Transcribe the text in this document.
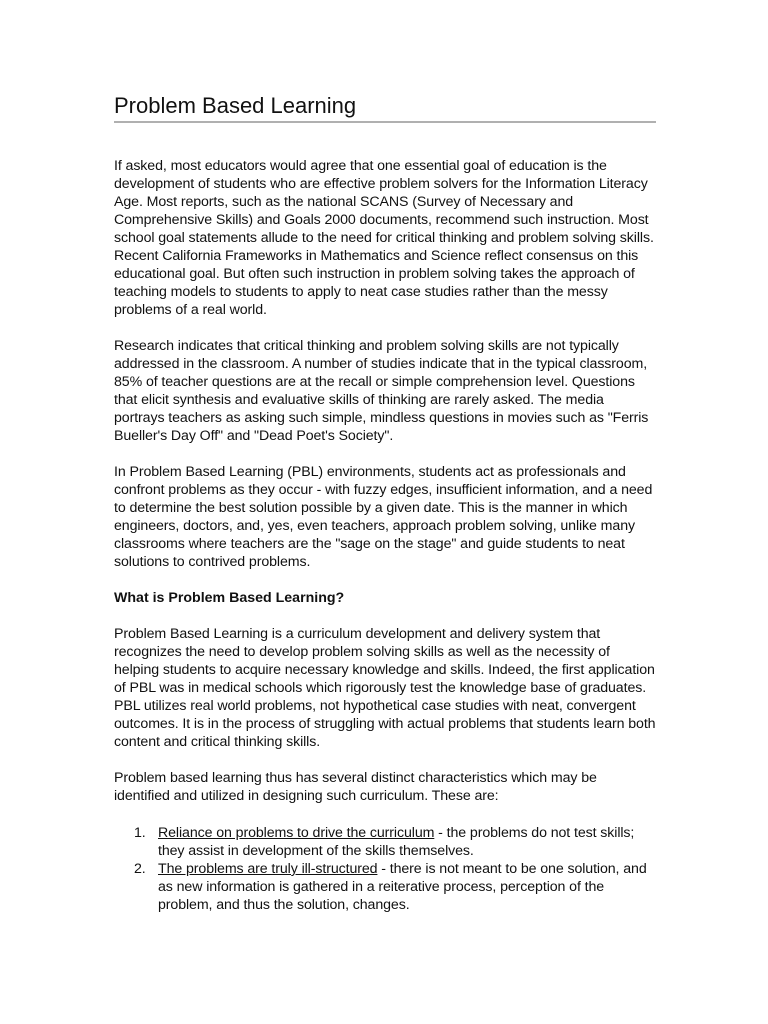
Problem Based Learning

If asked, most educators would agree that one essential goal of education is the development of students who are effective problem solvers for the Information Literacy Age. Most reports, such as the national SCANS (Survey of Necessary and Comprehensive Skills) and Goals 2000 documents, recommend such instruction. Most school goal statements allude to the need for critical thinking and problem solving skills. Recent California Frameworks in Mathematics and Science reflect consensus on this educational goal. But often such instruction in problem solving takes the approach of teaching models to students to apply to neat case studies rather than the messy problems of a real world.

Research indicates that critical thinking and problem solving skills are not typically addressed in the classroom. A number of studies indicate that in the typical classroom, 85% of teacher questions are at the recall or simple comprehension level. Questions that elicit synthesis and evaluative skills of thinking are rarely asked. The media portrays teachers as asking such simple, mindless questions in movies such as "Ferris Bueller's Day Off" and "Dead Poet's Society".

In Problem Based Learning (PBL) environments, students act as professionals and confront problems as they occur - with fuzzy edges, insufficient information, and a need to determine the best solution possible by a given date. This is the manner in which engineers, doctors, and, yes, even teachers, approach problem solving, unlike many classrooms where teachers are the "sage on the stage" and guide students to neat solutions to contrived problems.

What is Problem Based Learning?

Problem Based Learning is a curriculum development and delivery system that recognizes the need to develop problem solving skills as well as the necessity of helping students to acquire necessary knowledge and skills. Indeed, the first application of PBL was in medical schools which rigorously test the knowledge base of graduates. PBL utilizes real world problems, not hypothetical case studies with neat, convergent outcomes. It is in the process of struggling with actual problems that students learn both content and critical thinking skills.

Problem based learning thus has several distinct characteristics which may be identified and utilized in designing such curriculum. These are:

1. Reliance on problems to drive the curriculum - the problems do not test skills; they assist in development of the skills themselves.
2. The problems are truly ill-structured - there is not meant to be one solution, and as new information is gathered in a reiterative process, perception of the problem, and thus the solution, changes.
